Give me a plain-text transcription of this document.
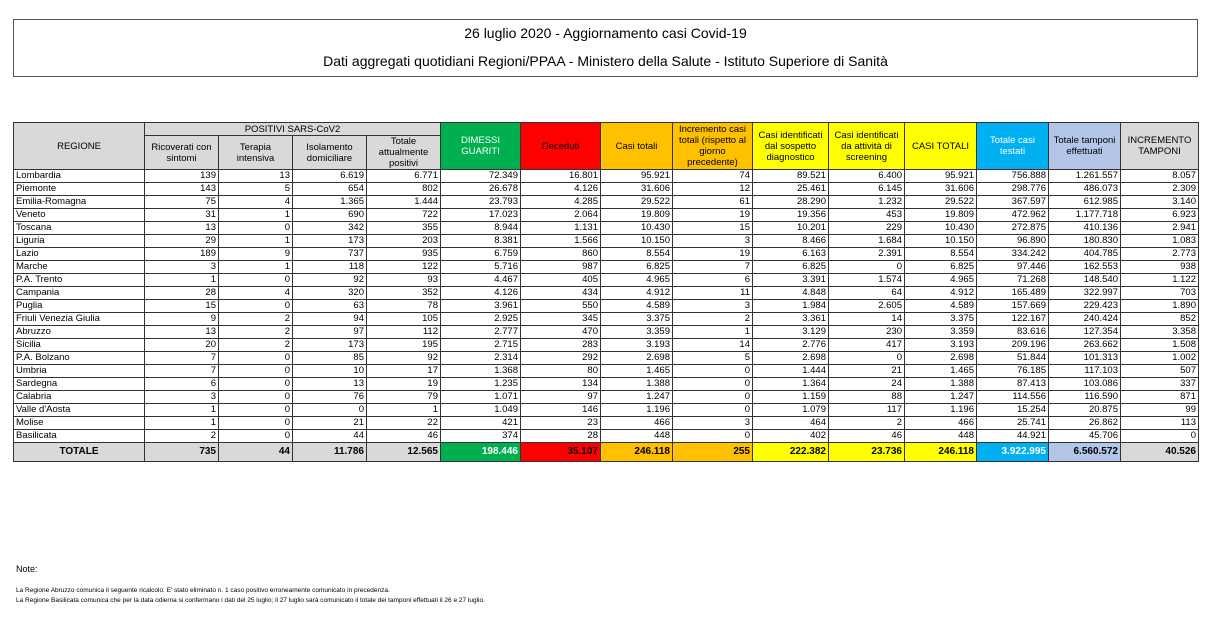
26 luglio 2020 - Aggiornamento casi Covid-19
Dati aggregati quotidiani Regioni/PPAA - Ministero della Salute - Istituto Superiore di Sanità
REGIONE	POSITIVI SARS-CoV2				DIMESSI GUARITI	Deceduti	Casi totali	Incremento casi totali (rispetto al giorno precedente)	Casi identificati dal sospetto diagnostico	Casi identificati da attività di screening	CASI TOTALI	Totale casi testati	Totale tamponi effettuati	INCREMENTO TAMPONI
	Ricoverati con sintomi	Terapia intensiva	Isolamento domiciliare	Totale attualmente positivi										
Lombardia	139	13	6.619	6.771	72.349	16.801	95.921	74	89.521	6.400	95.921	756.888	1.261.557	8.057
Piemonte	143	5	654	802	26.678	4.126	31.606	12	25.461	6.145	31.606	298.776	486.073	2.309
Emilia-Romagna	75	4	1.365	1.444	23.793	4.285	29.522	61	28.290	1.232	29.522	367.597	612.985	3.140
Veneto	31	1	690	722	17.023	2.064	19.809	19	19.356	453	19.809	472.962	1.177.718	6.923
Toscana	13	0	342	355	8.944	1.131	10.430	15	10.201	229	10.430	272.875	410.136	2.941
Liguria	29	1	173	203	8.381	1.566	10.150	3	8.466	1.684	10.150	96.890	180.830	1.083
Lazio	189	9	737	935	6.759	860	8.554	19	6.163	2.391	8.554	334.242	404.785	2.773
Marche	3	1	118	122	5.716	987	6.825	7	6.825	0	6.825	97.446	162.553	938
P.A. Trento	1	0	92	93	4.467	405	4.965	6	3.391	1.574	4.965	71.268	148.540	1.122
Campania	28	4	320	352	4.126	434	4.912	11	4.848	64	4.912	165.489	322.997	703
Puglia	15	0	63	78	3.961	550	4.589	3	1.984	2.605	4.589	157.669	229.423	1.890
Friuli Venezia Giulia	9	2	94	105	2.925	345	3.375	2	3.361	14	3.375	122.167	240.424	852
Abruzzo	13	2	97	112	2.777	470	3.359	1	3.129	230	3.359	83.616	127.354	3.358
Sicilia	20	2	173	195	2.715	283	3.193	14	2.776	417	3.193	209.196	263.662	1.508
P.A. Bolzano	7	0	85	92	2.314	292	2.698	5	2.698	0	2.698	51.844	101.313	1.002
Umbria	7	0	10	17	1.368	80	1.465	0	1.444	21	1.465	76.185	117.103	507
Sardegna	6	0	13	19	1.235	134	1.388	0	1.364	24	1.388	87.413	103.086	337
Calabria	3	0	76	79	1.071	97	1.247	0	1.159	88	1.247	114.556	116.590	871
Valle d'Aosta	1	0	0	1	1.049	146	1.196	0	1.079	117	1.196	15.254	20.875	99
Molise	1	0	21	22	421	23	466	3	464	2	466	25.741	26.862	113
Basilicata	2	0	44	46	374	28	448	0	402	46	448	44.921	45.706	0
TOTALE	735	44	11.786	12.565	198.446	35.107	246.118	255	222.382	23.736	246.118	3.922.995	6.560.572	40.526
Note:
La Regione Abruzzo comunica il seguente ricalcolo: E' stato eliminato n. 1 caso positivo erroneamente comunicato in precedenza.
La Regione Basilicata comunica che per la data odierna si confermano i dati del 25 luglio; il 27 luglio sarà comunicato il totale dei tamponi effettuati il 26 e 27 luglio.
